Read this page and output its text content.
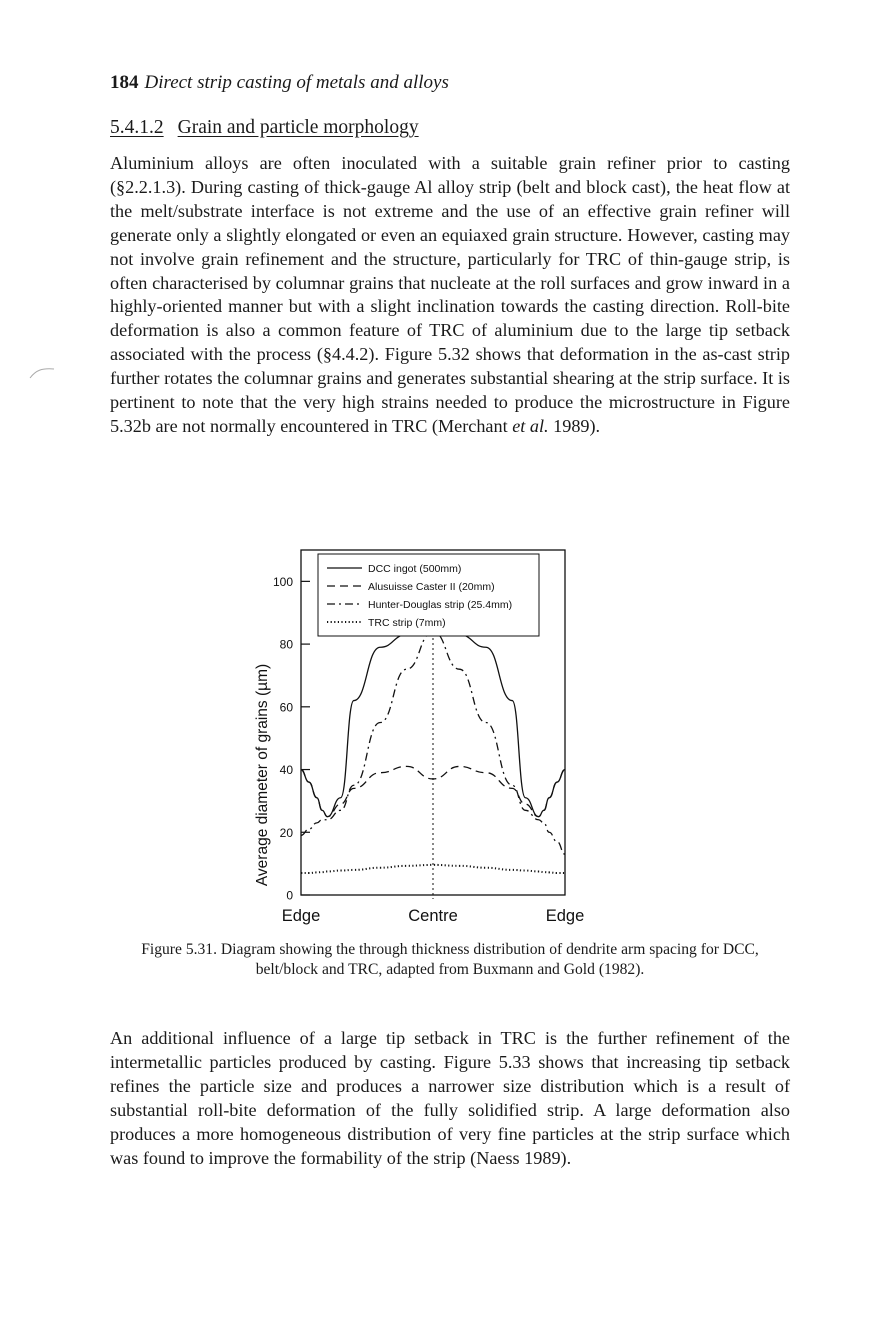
184 Direct strip casting of metals and alloys
5.4.1.2 Grain and particle morphology
Aluminium alloys are often inoculated with a suitable grain refiner prior to casting (§2.2.1.3). During casting of thick-gauge Al alloy strip (belt and block cast), the heat flow at the melt/substrate interface is not extreme and the use of an effective grain refiner will generate only a slightly elongated or even an equiaxed grain structure. However, casting may not involve grain refinement and the structure, particularly for TRC of thin-gauge strip, is often characterised by columnar grains that nucleate at the roll surfaces and grow inward in a highly-oriented manner but with a slight inclination towards the casting direction. Roll-bite deformation is also a common feature of TRC of aluminium due to the large tip setback associated with the process (§4.4.2). Figure 5.32 shows that deformation in the as-cast strip further rotates the columnar grains and generates substantial shearing at the strip surface. It is pertinent to note that the very high strains needed to produce the microstructure in Figure 5.32b are not normally encountered in TRC (Merchant et al. 1989).
0
20
40
60
80
100
Edge	Centre	Edge
DCC ingot (500mm)
Alusuisse Caster II (20mm)
Hunter-Douglas strip (25.4mm)
TRC strip (7mm)
Average diameter of grains (µm)
Figure 5.31. Diagram showing the through thickness distribution of dendrite arm spacing for DCC, belt/block and TRC, adapted from Buxmann and Gold (1982).
An additional influence of a large tip setback in TRC is the further refinement of the intermetallic particles produced by casting. Figure 5.33 shows that increasing tip setback refines the particle size and produces a narrower size distribution which is a result of substantial roll-bite deformation of the fully solidified strip. A large deformation also produces a more homogeneous distribution of very fine particles at the strip surface which was found to improve the formability of the strip (Naess 1989).
